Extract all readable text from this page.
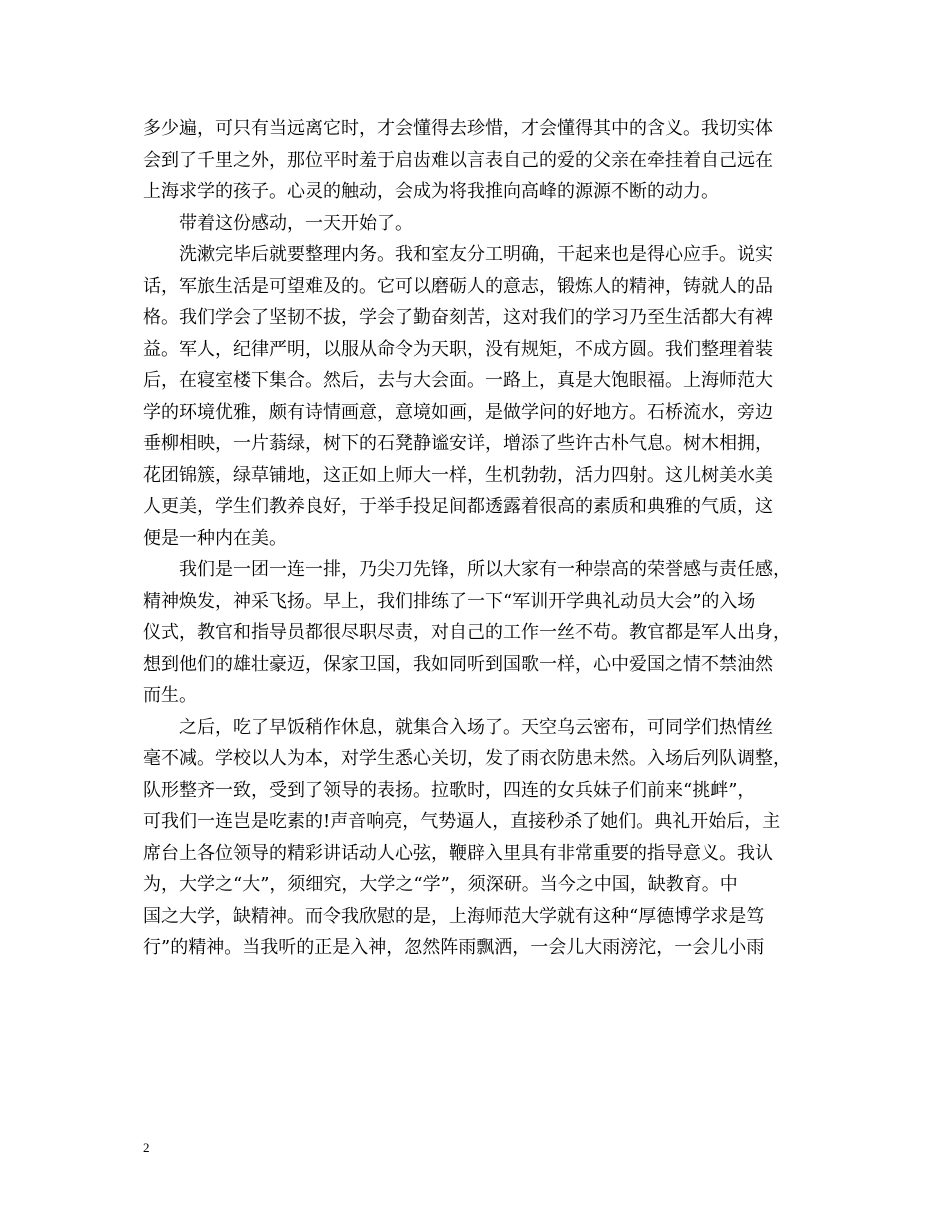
多少遍，可只有当远离它时，才会懂得去珍惜，才会懂得其中的含义。我切实体
会到了千里之外，那位平时羞于启齿难以言表自己的爱的父亲在牵挂着自己远在
上海求学的孩子。心灵的触动，会成为将我推向高峰的源源不断的动力。
带着这份感动，一天开始了。
洗漱完毕后就要整理内务。我和室友分工明确，干起来也是得心应手。说实
话，军旅生活是可望难及的。它可以磨砺人的意志，锻炼人的精神，铸就人的品
格。我们学会了坚韧不拔，学会了勤奋刻苦，这对我们的学习乃至生活都大有裨
益。军人，纪律严明，以服从命令为天职，没有规矩，不成方圆。我们整理着装
后，在寝室楼下集合。然后，去与大会面。一路上，真是大饱眼福。上海师范大
学的环境优雅，颇有诗情画意，意境如画，是做学问的好地方。石桥流水，旁边
垂柳相映，一片蓊绿，树下的石凳静谧安详，增添了些许古朴气息。树木相拥，
花团锦簇，绿草铺地，这正如上师大一样，生机勃勃，活力四射。这儿树美水美
人更美，学生们教养良好，于举手投足间都透露着很高的素质和典雅的气质，这
便是一种内在美。
我们是一团一连一排，乃尖刀先锋，所以大家有一种崇高的荣誉感与责任感，
精神焕发，神采飞扬。早上，我们排练了一下“军训开学典礼动员大会”的入场
仪式，教官和指导员都很尽职尽责，对自己的工作一丝不苟。教官都是军人出身，
想到他们的雄壮豪迈，保家卫国，我如同听到国歌一样，心中爱国之情不禁油然
而生。
之后，吃了早饭稍作休息，就集合入场了。天空乌云密布，可同学们热情丝
毫不减。学校以人为本，对学生悉心关切，发了雨衣防患未然。入场后列队调整，
队形整齐一致，受到了领导的表扬。拉歌时，四连的女兵妹子们前来“挑衅”，
可我们一连岂是吃素的!声音响亮，气势逼人，直接秒杀了她们。典礼开始后，主
席台上各位领导的精彩讲话动人心弦，鞭辟入里具有非常重要的指导意义。我认
为，大学之“大”，须细究，大学之“学”，须深研。当今之中国，缺教育。中
国之大学，缺精神。而令我欣慰的是，上海师范大学就有这种“厚德博学求是笃
行”的精神。当我听的正是入神，忽然阵雨飘洒，一会儿大雨滂沱，一会儿小雨
2
